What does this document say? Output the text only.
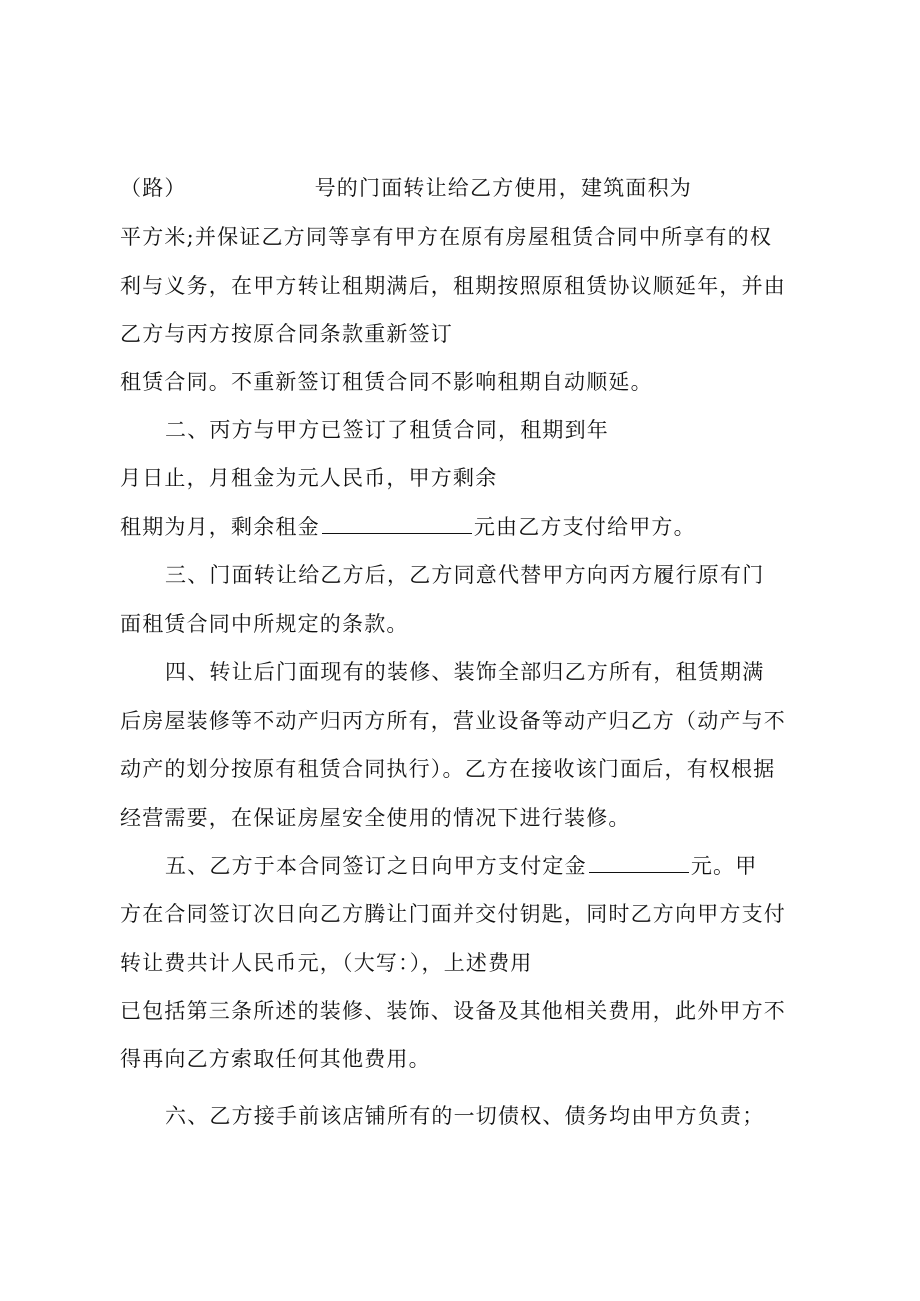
（路）	号的门面转让给乙方使用，建筑面积为
平方米;并保证乙方同等享有甲方在原有房屋租赁合同中所享有的权
利与义务，在甲方转让租期满后，租期按照原租赁协议顺延年，并由
乙方与丙方按原合同条款重新签订
租赁合同。不重新签订租赁合同不影响租期自动顺延。
二、丙方与甲方已签订了租赁合同，租期到年
月日止，月租金为元人民币，甲方剩余
租期为月，剩余租金	元由乙方支付给甲方。
三、门面转让给乙方后，乙方同意代替甲方向丙方履行原有门
面租赁合同中所规定的条款。
四、转让后门面现有的装修、装饰全部归乙方所有，租赁期满
后房屋装修等不动产归丙方所有，营业设备等动产归乙方（动产与不
动产的划分按原有租赁合同执行）。乙方在接收该门面后，有权根据
经营需要，在保证房屋安全使用的情况下进行装修。
五、乙方于本合同签订之日向甲方支付定金	元。甲
方在合同签订次日向乙方腾让门面并交付钥匙，同时乙方向甲方支付
转让费共计人民币元，（大写：），上述费用
已包括第三条所述的装修、装饰、设备及其他相关费用，此外甲方不
得再向乙方索取任何其他费用。
六、乙方接手前该店铺所有的一切债权、债务均由甲方负责；
